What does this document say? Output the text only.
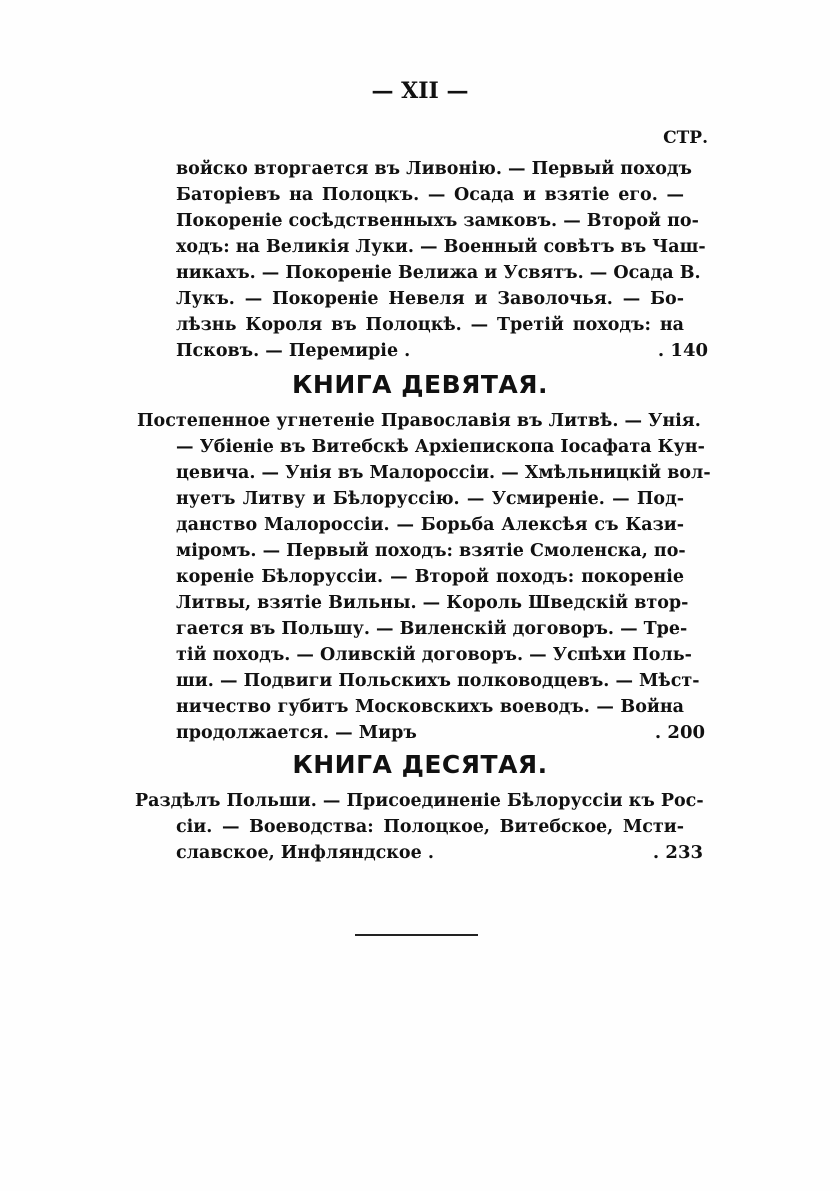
— XII —
СТР.
войско вторгается въ Ливонію. — Первый походъ
Баторіевъ на Полоцкъ. — Осада и взятіе его. —
Покореніе сосѣдственныхъ замковъ. — Второй по-
ходъ: на Великія Луки. — Военный совѣтъ въ Чаш-
никахъ. — Покореніе Велижа и Усвятъ. — Осада В.
Лукъ. — Покореніе Невеля и Заволочья. — Бо-
лѣзнь Короля въ Полоцкѣ. — Третій походъ: на
Псковъ. — Перемиріе .	. 140
КНИГА ДЕВЯТАЯ.
Постепенное угнетеніе Православія въ Литвѣ. — Унія.
— Убіеніе въ Витебскѣ Архіепископа Іосафата Кун-
цевича. — Унія въ Малороссіи. — Хмѣльницкій вол-
нуетъ Литву и Бѣлоруссію. — Усмиреніе. — Под-
данство Малороссіи. — Борьба Алексѣя съ Кази-
міромъ. — Первый походъ: взятіе Смоленска, по-
кореніе Бѣлоруссіи. — Второй походъ: покореніе
Литвы, взятіе Вильны. — Король Шведскій втор-
гается въ Польшу. — Виленскій договоръ. — Тре-
тій походъ. — Оливскій договоръ. — Успѣхи Поль-
ши. — Подвиги Польскихъ полководцевъ. — Мѣст-
ничество губитъ Московскихъ воеводъ. — Война
продолжается. — Миръ	. 200
КНИГА ДЕСЯТАЯ.
Раздѣлъ Польши. — Присоединеніе Бѣлоруссіи къ Рос-
сіи. — Воеводства: Полоцкое, Витебское, Мсти-
славское, Инфляндское .	. 233
